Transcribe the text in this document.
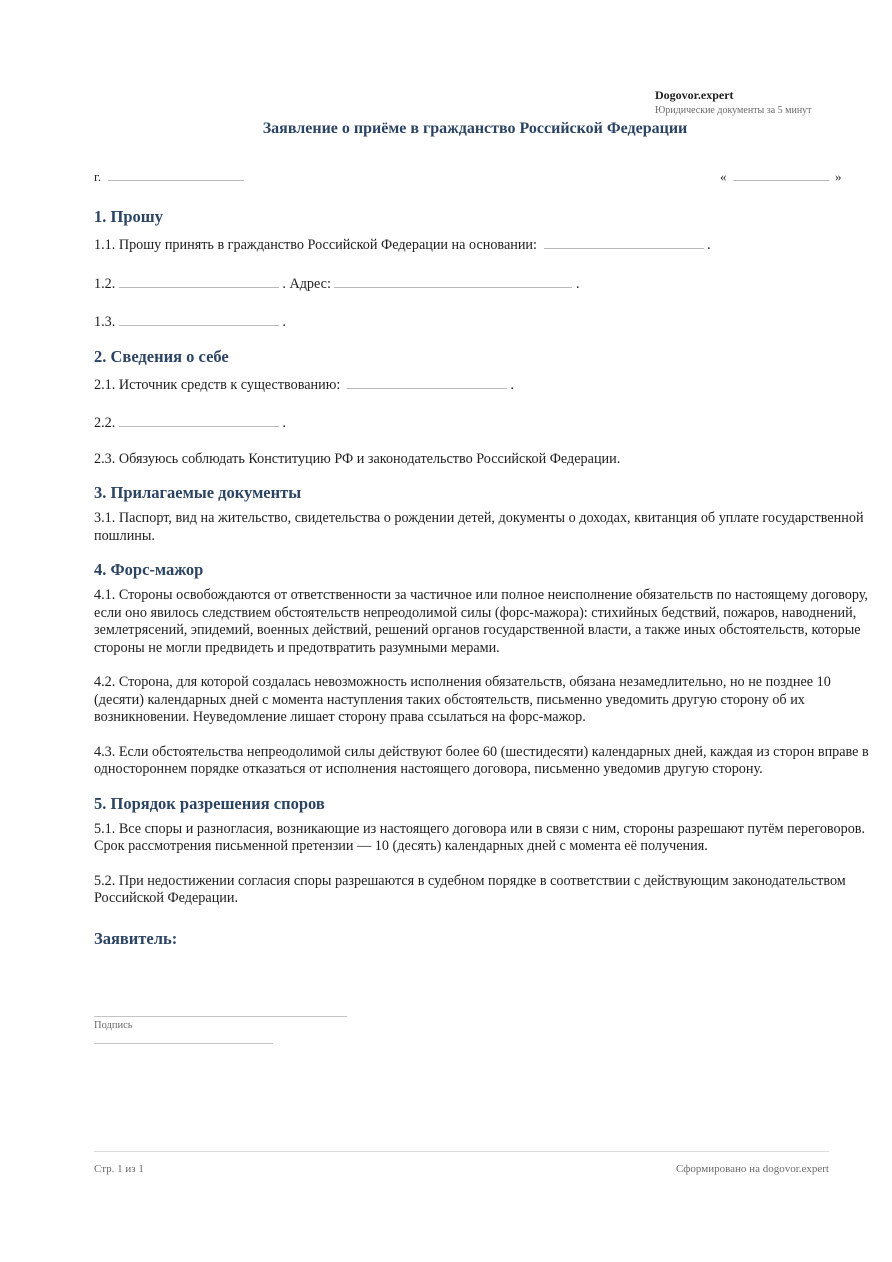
Dogovor.expert
Юридические документы за 5 минут
Заявление о приёме в гражданство Российской Федерации
г.	«	»
1. Прошу

1.1. Прошу принять в гражданство Российской Федерации на основании:	.

1.2.	. Адрес:	.

1.3.	.

2. Сведения о себе

2.1. Источник средств к существованию:	.

2.2.	.

2.3. Обязуюсь соблюдать Конституцию РФ и законодательство Российской Федерации.

3. Прилагаемые документы

3.1. Паспорт, вид на жительство, свидетельства о рождении детей, документы о доходах, квитанция об уплате государственной пошлины.

4. Форс-мажор

4.1. Стороны освобождаются от ответственности за частичное или полное неисполнение обязательств по настоящему договору, если оно явилось следствием обстоятельств непреодолимой силы (форс-мажора): стихийных бедствий, пожаров, наводнений, землетрясений, эпидемий, военных действий, решений органов государственной власти, а также иных обстоятельств, которые стороны не могли предвидеть и предотвратить разумными мерами.

4.2. Сторона, для которой создалась невозможность исполнения обязательств, обязана незамедлительно, но не позднее 10 (десяти) календарных дней с момента наступления таких обстоятельств, письменно уведомить другую сторону об их возникновении. Неуведомление лишает сторону права ссылаться на форс-мажор.

4.3. Если обстоятельства непреодолимой силы действуют более 60 (шестидесяти) календарных дней, каждая из сторон вправе в одностороннем порядке отказаться от исполнения настоящего договора, письменно уведомив другую сторону.

5. Порядок разрешения споров

5.1. Все споры и разногласия, возникающие из настоящего договора или в связи с ним, стороны разрешают путём переговоров. Срок рассмотрения письменной претензии — 10 (десять) календарных дней с момента её получения.

5.2. При недостижении согласия споры разрешаются в судебном порядке в соответствии с действующим законодательством Российской Федерации.

Заявитель:
Подпись
Стр. 1 из 1	Сформировано на dogovor.expert
